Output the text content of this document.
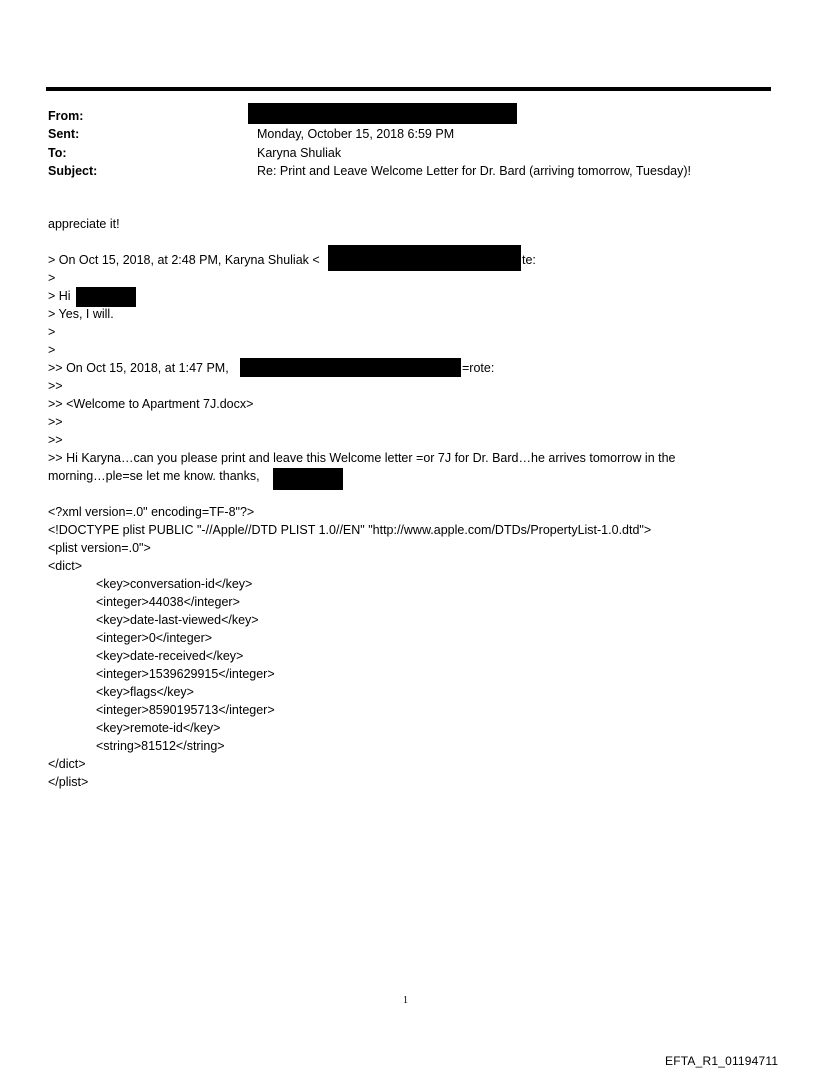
From:
Sent:	Monday, October 15, 2018 6:59 PM
To:	Karyna Shuliak
Subject:	Re: Print and Leave Welcome Letter for Dr. Bard (arriving tomorrow, Tuesday)!
appreciate it!
> On Oct 15, 2018, at 2:48 PM, Karyna Shuliak <	te:
>
> Hi
> Yes, I will.
>
>
>> On Oct 15, 2018, at 1:47 PM,	=rote:
>>
>> <Welcome to Apartment 7J.docx>
>>
>>
>> Hi Karyna…can you please print and leave this Welcome letter =or 7J for Dr. Bard…he arrives tomorrow in the
morning…ple=se let me know. thanks,
<?xml version=.0" encoding=TF-8"?>
<!DOCTYPE plist PUBLIC "-//Apple//DTD PLIST 1.0//EN" "http://www.apple.com/DTDs/PropertyList-1.0.dtd">
<plist version=.0">
<dict>
<key>conversation-id</key>
<integer>44038</integer>
<key>date-last-viewed</key>
<integer>0</integer>
<key>date-received</key>
<integer>1539629915</integer>
<key>flags</key>
<integer>8590195713</integer>
<key>remote-id</key>
<string>81512</string>
</dict>
</plist>
1
EFTA_R1_01194711
